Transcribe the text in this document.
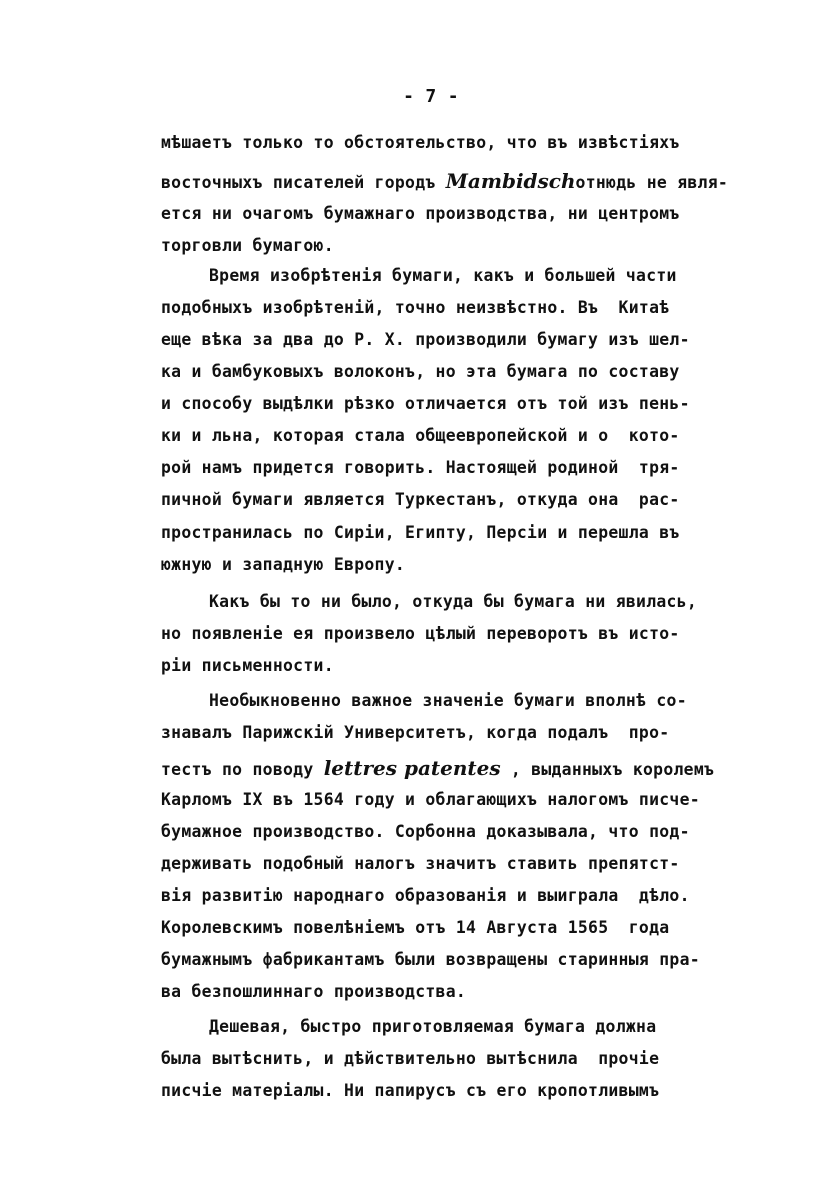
- 7 -
мѣшаетъ только то обстоятельство, что въ извѣстіяхъ
восточныхъ писателей городъ Mambidschотнюдь не явля-
ется ни очагомъ бумажнаго производства, ни центромъ
торговли бумагою.
Время изобрѣтенія бумаги, какъ и большей части
подобныхъ изобрѣтеній, точно неизвѣстно. Въ  Китаѣ
еще вѣка за два до Р. Х. производили бумагу изъ шел-
ка и бамбуковыхъ волоконъ, но эта бумага по составу
и способу выдѣлки рѣзко отличается отъ той изъ пень-
ки и льна, которая стала общеевропейской и о  кото-
рой намъ придется говорить. Настоящей родиной  тря-
пичной бумаги является Туркестанъ, откуда она  рас-
пространилась по Сиріи, Египту, Персіи и перешла въ
южную и западную Европу.
Какъ бы то ни было, откуда бы бумага ни явилась,
но появленіе ея произвело цѣлый переворотъ въ исто-
ріи письменности.
Необыкновенно важное значеніе бумаги вполнѣ со-
знавалъ Парижскій Университетъ, когда подалъ  про-
тестъ по поводу lettres patentes , выданныхъ королемъ
Карломъ IX въ 1564 году и облагающихъ налогомъ писче-
бумажное производство. Сорбонна доказывала, что под-
держивать подобный налогъ значитъ ставить препятст-
вія развитію народнаго образованія и выиграла  дѣло.
Королевскимъ повелѣніемъ отъ 14 Августа 1565  года
бумажнымъ фабрикантамъ были возвращены старинныя пра-
ва безпошлиннаго производства.
Дешевая, быстро приготовляемая бумага должна
была вытѣснить, и дѣйствительно вытѣснила  прочіе
писчіе матеріалы. Ни папирусъ съ его кропотливымъ
